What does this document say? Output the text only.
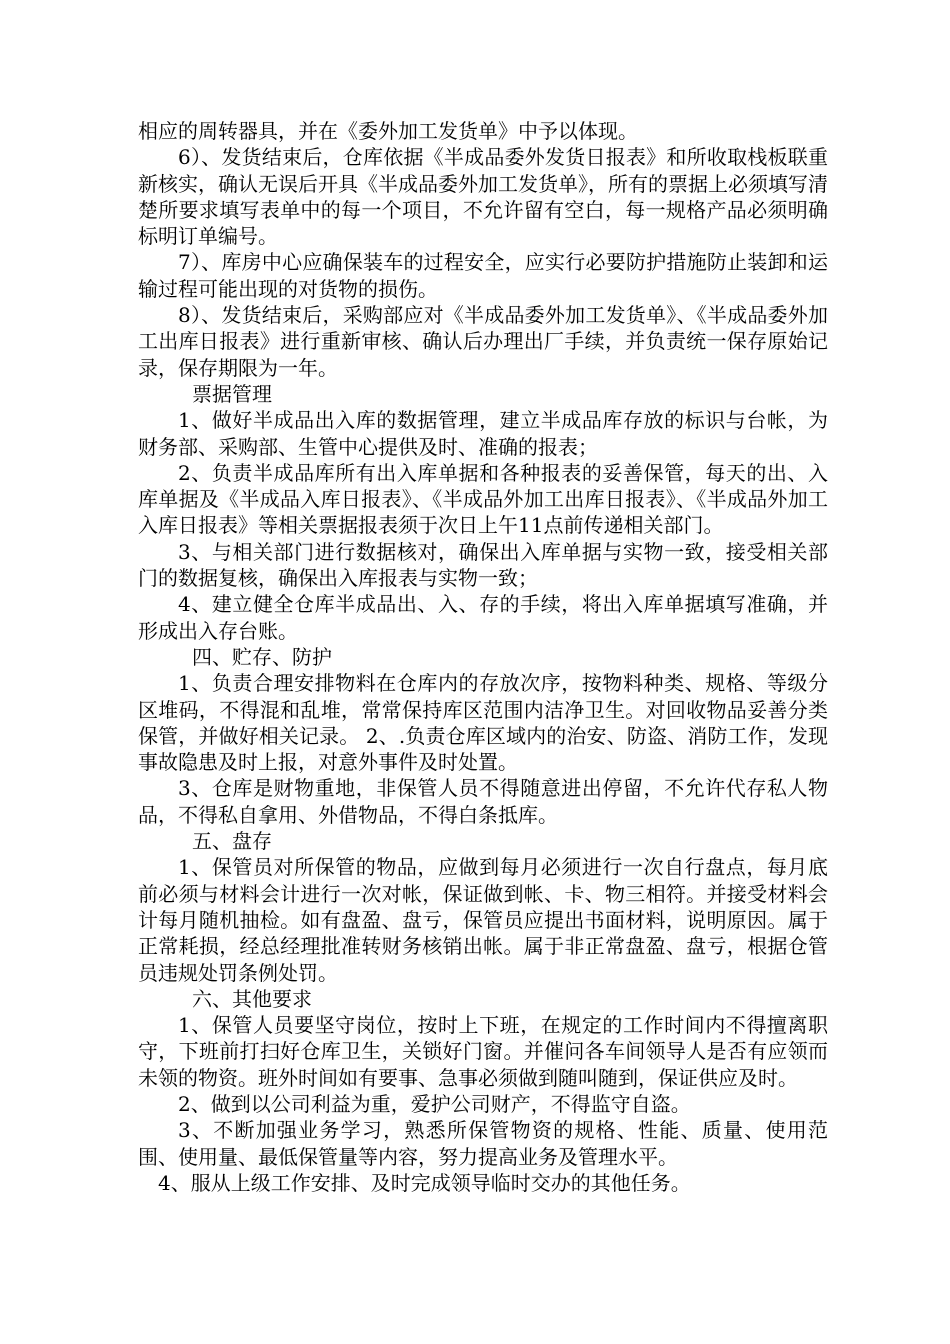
相应的周转器具，并在《委外加工发货单》中予以体现。

6）、发货结束后，仓库依据《半成品委外发货日报表》和所收取栈板联重新核实，确认无误后开具《半成品委外加工发货单》，所有的票据上必须填写清楚所要求填写表单中的每一个项目，不允许留有空白，每一规格产品必须明确标明订单编号。

7）、库房中心应确保装车的过程安全，应实行必要防护措施防止装卸和运输过程可能出现的对货物的损伤。

8）、发货结束后，采购部应对《半成品委外加工发货单》、《半成品委外加工出库日报表》进行重新审核、确认后办理出厂手续，并负责统一保存原始记录，保存期限为一年。

票据管理

1、做好半成品出入库的数据管理，建立半成品库存放的标识与台帐，为财务部、采购部、生管中心提供及时、准确的报表；

2、负责半成品库所有出入库单据和各种报表的妥善保管，每天的出、入库单据及《半成品入库日报表》、《半成品外加工出库日报表》、《半成品外加工入库日报表》等相关票据报表须于次日上午11点前传递相关部门。

3、与相关部门进行数据核对，确保出入库单据与实物一致，接受相关部门的数据复核，确保出入库报表与实物一致；

4、建立健全仓库半成品出、入、存的手续，将出入库单据填写准确，并形成出入存台账。

四、贮存、防护

1、负责合理安排物料在仓库内的存放次序，按物料种类、规格、等级分区堆码，不得混和乱堆，常常保持库区范围内洁净卫生。对回收物品妥善分类保管，并做好相关记录。 2、.负责仓库区域内的治安、防盗、消防工作，发现事故隐患及时上报，对意外事件及时处置。

3、仓库是财物重地，非保管人员不得随意进出停留，不允许代存私人物品，不得私自拿用、外借物品，不得白条抵库。

五、盘存

1、保管员对所保管的物品，应做到每月必须进行一次自行盘点，每月底前必须与材料会计进行一次对帐，保证做到帐、卡、物三相符。并接受材料会计每月随机抽检。如有盘盈、盘亏，保管员应提出书面材料，说明原因。属于正常耗损，经总经理批准转财务核销出帐。属于非正常盘盈、盘亏，根据仓管员违规处罚条例处罚。

六、其他要求

1、保管人员要坚守岗位，按时上下班，在规定的工作时间内不得擅离职守，下班前打扫好仓库卫生，关锁好门窗。并催问各车间领导人是否有应领而未领的物资。班外时间如有要事、急事必须做到随叫随到，保证供应及时。

2、做到以公司利益为重，爱护公司财产，不得监守自盗。

3、不断加强业务学习，熟悉所保管物资的规格、性能、质量、使用范围、使用量、最低保管量等内容，努力提高业务及管理水平。

4、服从上级工作安排、及时完成领导临时交办的其他任务。
